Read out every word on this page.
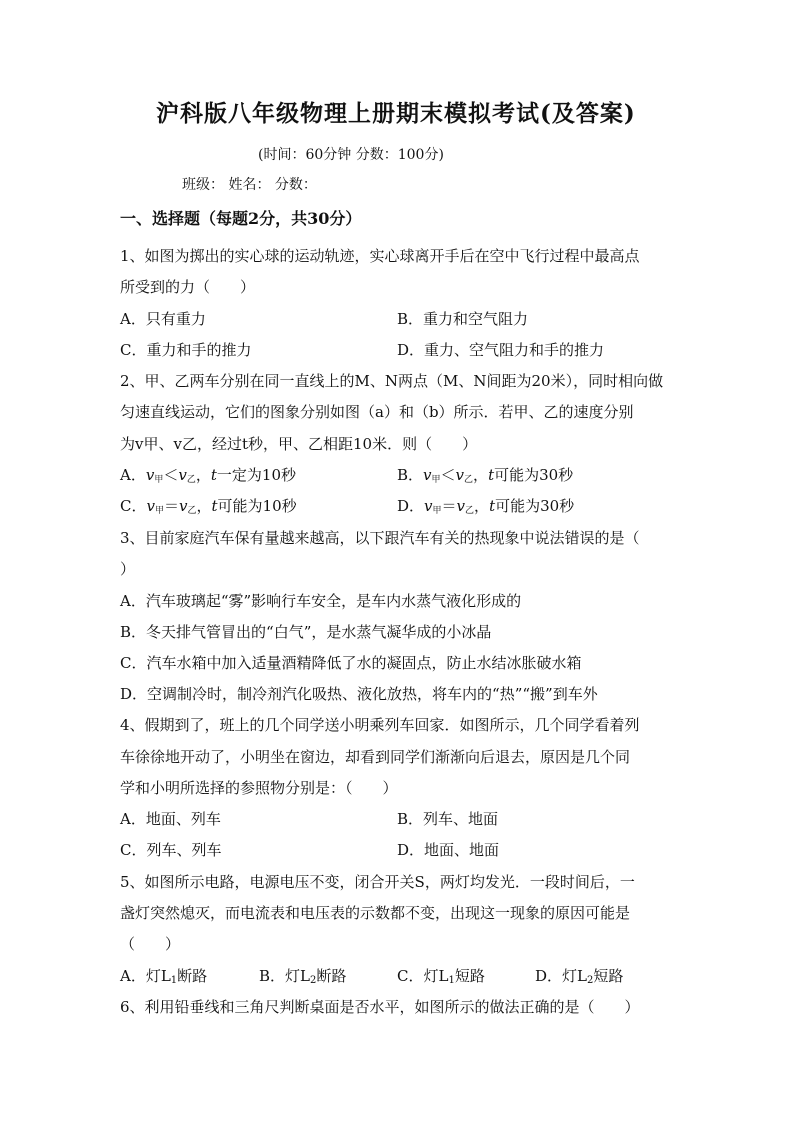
沪科版八年级物理上册期末模拟考试(及答案)
(时间：60分钟 分数：100分)
班级： 姓名： 分数：
一、选择题（每题2分，共30分）
1、如图为掷出的实心球的运动轨迹，实心球离开手后在空中飞行过程中最高点
所受到的力（　　）
A．只有重力	B．重力和空气阻力
C．重力和手的推力	D．重力、空气阻力和手的推力
2、甲、乙两车分别在同一直线上的M、N两点（M、N间距为20米），同时相向做
匀速直线运动，它们的图象分别如图（a）和（b）所示．若甲、乙的速度分别
A．$v_甲<v_乙$，t一定为10秒	B．$v_甲<v_乙$，t可能为30秒
C．$v_甲=v_乙$，t可能为10秒	D．$v_甲=v_乙$，t可能为30秒
3、目前家庭汽车保有量越来越高，以下跟汽车有关的热现象中说法错误的是（
）
A．汽车玻璃起“雾”影响行车安全，是车内水蒸气液化形成的
B．冬天排气管冒出的“白气”，是水蒸气凝华成的小冰晶
C．汽车水箱中加入适量酒精降低了水的凝固点，防止水结冰胀破水箱
D．空调制冷时，制冷剂汽化吸热、液化放热，将车内的“热”“搬”到车外
4、假期到了，班上的几个同学送小明乘列车回家．如图所示，几个同学看着列
车徐徐地开动了，小明坐在窗边，却看到同学们渐渐向后退去，原因是几个同
学和小明所选择的参照物分别是：（　　）
A．地面、列车	B．列车、地面
C．列车、列车	D．地面、地面
5、如图所示电路，电源电压不变，闭合开关S，两灯均发光．一段时间后，一
盏灯突然熄灭，而电流表和电压表的示数都不变，出现这一现象的原因可能是
（　　）
A．灯$L_1$断路	B．灯$L_2$断路	C．灯$L_1$短路	D．灯$L_2$短路
6、利用铅垂线和三角尺判断桌面是否水平，如图所示的做法正确的是（　　）
为v甲、v乙，经过t秒，甲、乙相距10米．则（　　）
